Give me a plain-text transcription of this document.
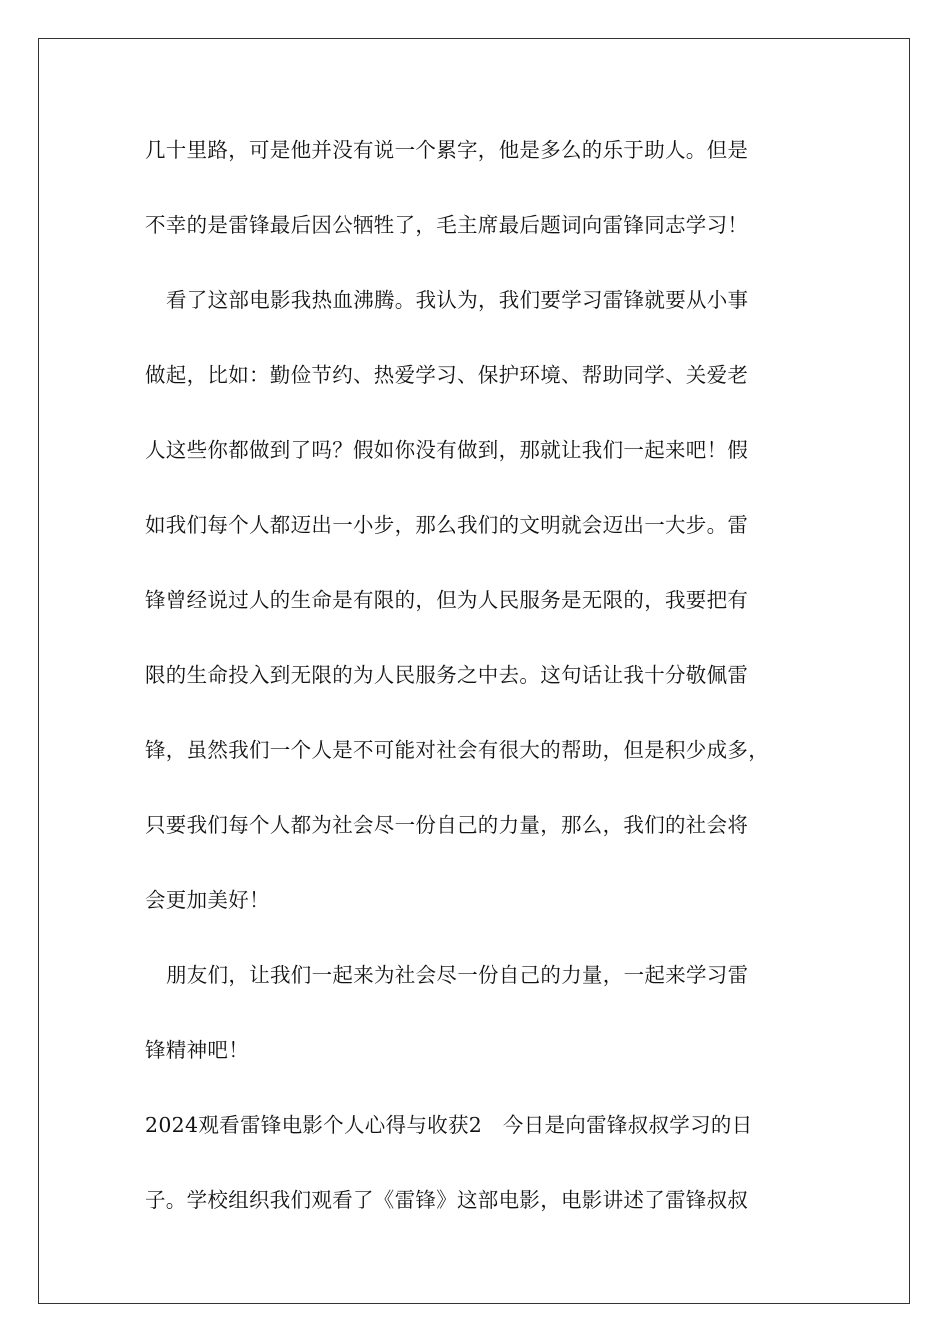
几十里路，可是他并没有说一个累字，他是多么的乐于助人。但是
不幸的是雷锋最后因公牺牲了，毛主席最后题词向雷锋同志学习！
看了这部电影我热血沸腾。我认为，我们要学习雷锋就要从小事
做起，比如：勤俭节约、热爱学习、保护环境、帮助同学、关爱老
人这些你都做到了吗？假如你没有做到，那就让我们一起来吧！假
如我们每个人都迈出一小步，那么我们的文明就会迈出一大步。雷
锋曾经说过人的生命是有限的，但为人民服务是无限的，我要把有
限的生命投入到无限的为人民服务之中去。这句话让我十分敬佩雷
锋，虽然我们一个人是不可能对社会有很大的帮助，但是积少成多，
只要我们每个人都为社会尽一份自己的力量，那么，我们的社会将
会更加美好！
朋友们，让我们一起来为社会尽一份自己的力量，一起来学习雷
锋精神吧！
2024观看雷锋电影个人心得与收获2　今日是向雷锋叔叔学习的日
子。学校组织我们观看了《雷锋》这部电影，电影讲述了雷锋叔叔
